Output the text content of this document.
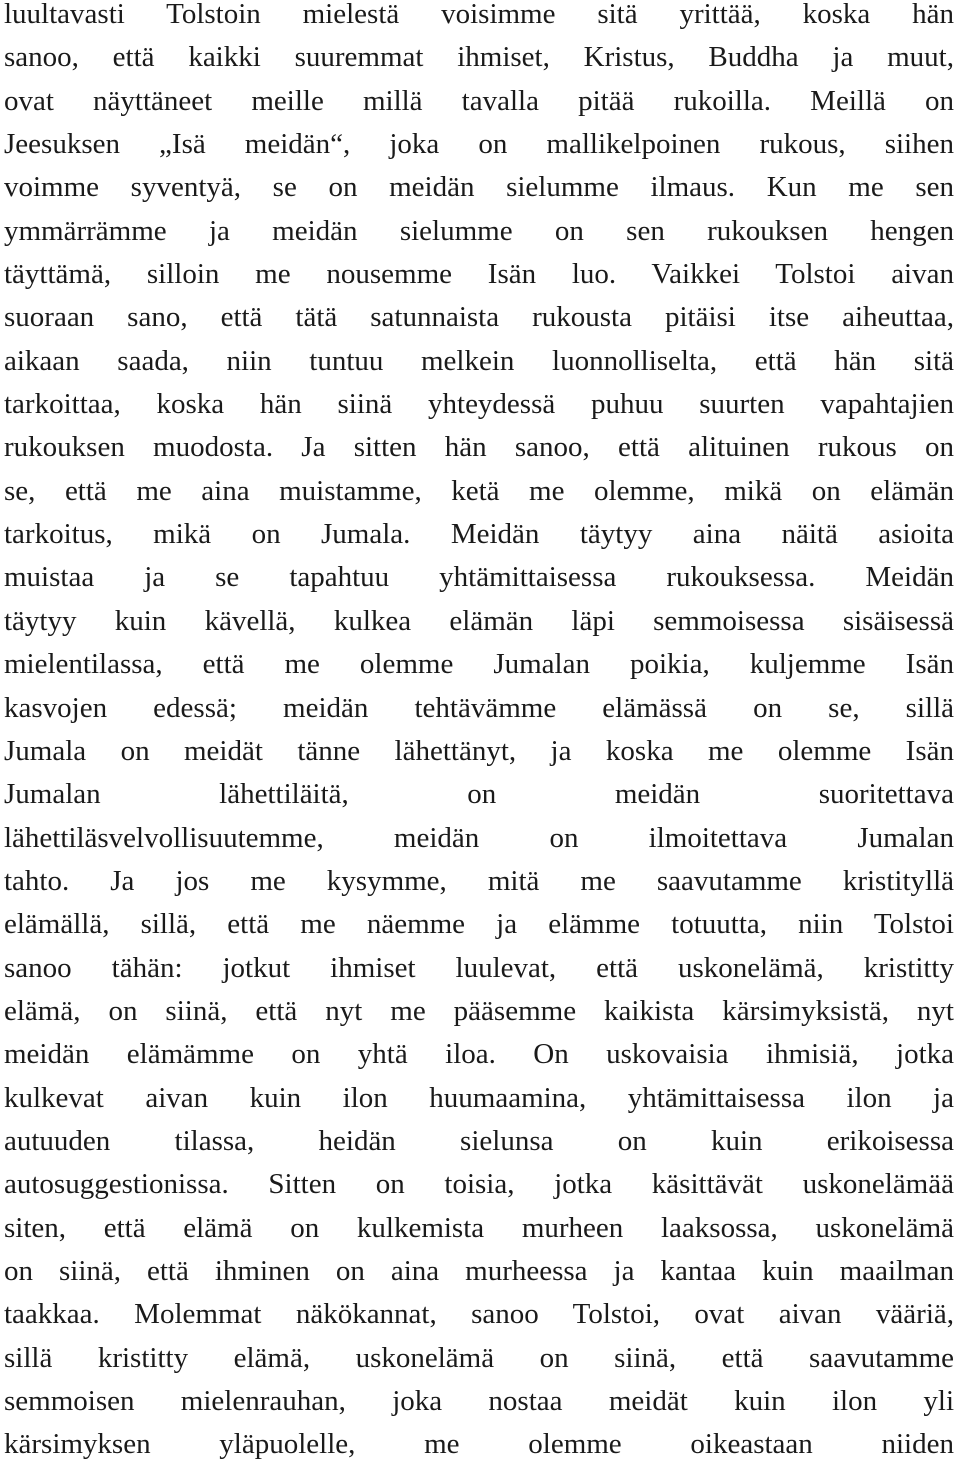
luultavasti Tolstoin mielestä voisimme sitä yrittää, koska hän
sanoo, että kaikki suuremmat ihmiset, Kristus, Buddha ja muut,
ovat näyttäneet meille millä tavalla pitää rukoilla. Meillä on
Jeesuksen „Isä meidän“, joka on mallikelpoinen rukous, siihen
voimme syventyä, se on meidän sielumme ilmaus. Kun me sen
ymmärrämme ja meidän sielumme on sen rukouksen hengen
täyttämä, silloin me nousemme Isän luo. Vaikkei Tolstoi aivan
suoraan sano, että tätä satunnaista rukousta pitäisi itse aiheuttaa,
aikaan saada, niin tuntuu melkein luonnolliselta, että hän sitä
tarkoittaa, koska hän siinä yhteydessä puhuu suurten vapahtajien
rukouksen muodosta. Ja sitten hän sanoo, että alituinen rukous on
se, että me aina muistamme, ketä me olemme, mikä on elämän
tarkoitus, mikä on Jumala. Meidän täytyy aina näitä asioita
muistaa ja se tapahtuu yhtämittaisessa rukouksessa. Meidän
täytyy kuin kävellä, kulkea elämän läpi semmoisessa sisäisessä
mielentilassa, että me olemme Jumalan poikia, kuljemme Isän
kasvojen edessä; meidän tehtävämme elämässä on se, sillä
Jumala on meidät tänne lähettänyt, ja koska me olemme Isän
Jumalan lähettiläitä, on meidän suoritettava
lähettiläsvelvollisuutemme, meidän on ilmoitettava Jumalan
tahto. Ja jos me kysymme, mitä me saavutamme kristityllä
elämällä, sillä, että me näemme ja elämme totuutta, niin Tolstoi
sanoo tähän: jotkut ihmiset luulevat, että uskonelämä, kristitty
elämä, on siinä, että nyt me pääsemme kaikista kärsimyksistä, nyt
meidän elämämme on yhtä iloa. On uskovaisia ihmisiä, jotka
kulkevat aivan kuin ilon huumaamina, yhtämittaisessa ilon ja
autuuden tilassa, heidän sielunsa on kuin erikoisessa
autosuggestionissa. Sitten on toisia, jotka käsittävät uskonelämää
siten, että elämä on kulkemista murheen laaksossa, uskonelämä
on siinä, että ihminen on aina murheessa ja kantaa kuin maailman
taakkaa. Molemmat näkökannat, sanoo Tolstoi, ovat aivan vääriä,
sillä kristitty elämä, uskonelämä on siinä, että saavutamme
semmoisen mielenrauhan, joka nostaa meidät kuin ilon yli
kärsimyksen yläpuolelle, me olemme oikeastaan niiden
